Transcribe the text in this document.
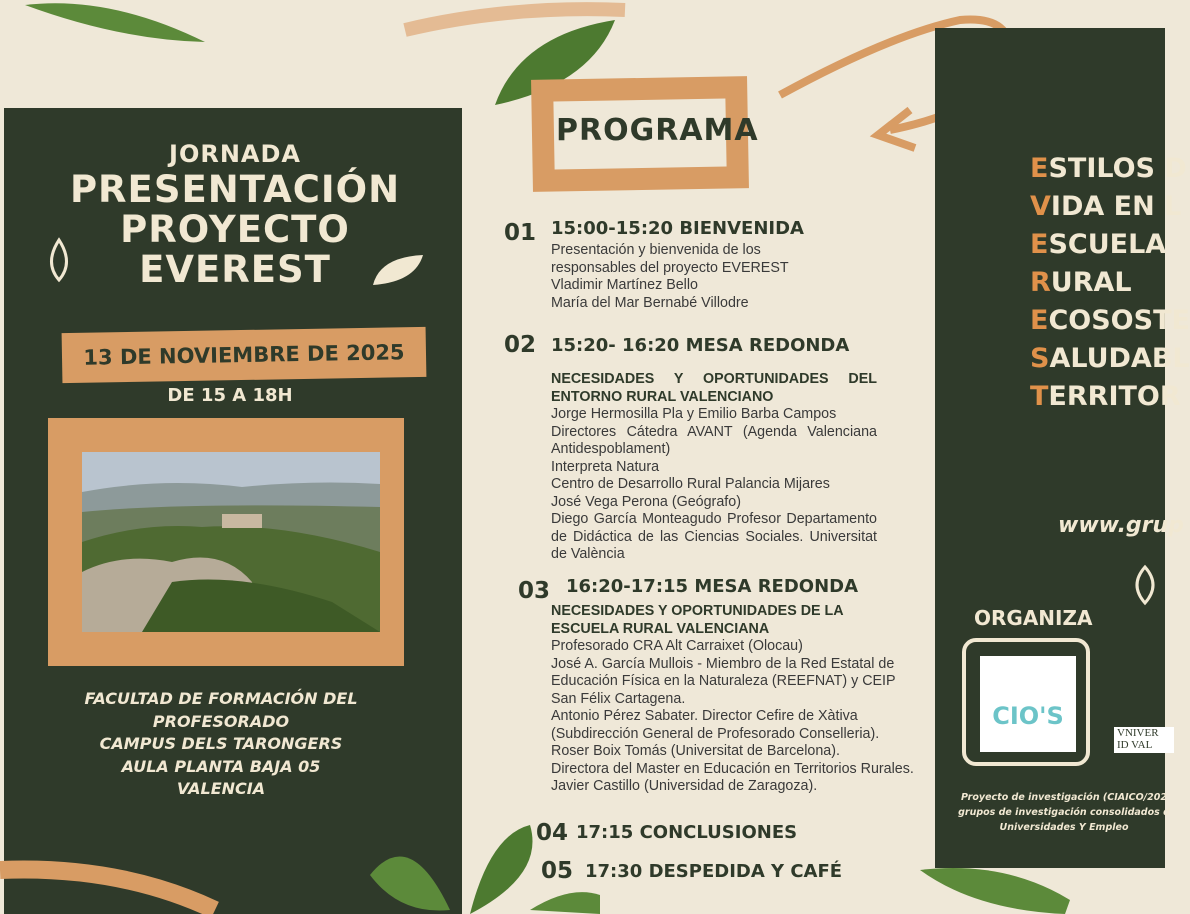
JORNADA
PRESENTACIÓN
PROYECTO
EVEREST
13 DE NOVIEMBRE DE 2025
DE 15 A 18H
FACULTAD DE FORMACIÓN DEL
PROFESORADO
CAMPUS DELS TARONGERS
AULA PLANTA BAJA 05
VALENCIA
PROGRAMA
01 15:00-15:20 BIENVENIDA
Presentación y bienvenida de los
responsables del proyecto EVEREST
Vladimir Martínez Bello
María del Mar Bernabé Villodre
02 15:20- 16:20 MESA REDONDA
NECESIDADES Y OPORTUNIDADES DEL ENTORNO RURAL VALENCIANO
Jorge Hermosilla Pla y Emilio Barba Campos
Directores Cátedra AVANT (Agenda Valenciana Antidespoblament)
Interpreta Natura
Centro de Desarrollo Rural Palancia Mijares
José Vega Perona (Geógrafo)
Diego García Monteagudo Profesor Departamento de Didáctica de las Ciencias Sociales. Universitat de València
03 16:20-17:15 MESA REDONDA
NECESIDADES Y OPORTUNIDADES DE LA ESCUELA RURAL VALENCIANA
Profesorado CRA Alt Carraixet (Olocau)
José A. García Mullois - Miembro de la Red Estatal de Educación Física en la Naturaleza (REEFNAT) y CEIP San Félix Cartagena.
Antonio Pérez Sabater. Director Cefire de Xàtiva (Subdirección General de Profesorado Conselleria).
Roser Boix Tomás (Universitat de Barcelona).
Directora del Master en Educación en Territorios Rurales.
Javier Castillo (Universidad de Zaragoza).
04 17:15 CONCLUSIONES
05 17:30 DESPEDIDA Y CAFÉ
ESTILOS D
VIDA EN L
ESCUELA
RURAL
ECOSOSTE
SALUDABL
TERRITOR
www.grup
ORGANIZA
CIO'S
VNIVER
ID VAL
Proyecto de investigación (CIAICO/202
grupos de investigación consolidados d
Universidades Y Empleo
